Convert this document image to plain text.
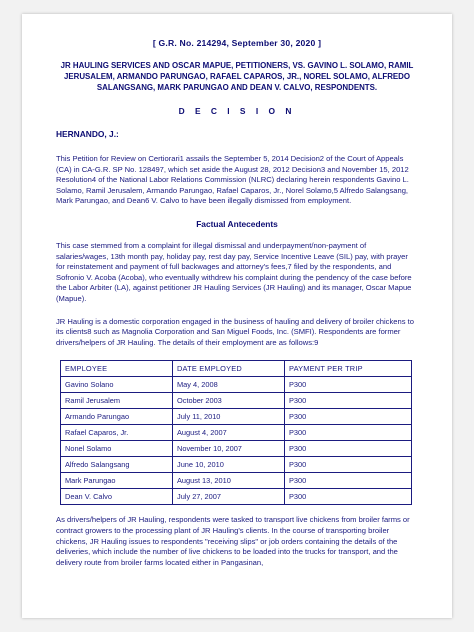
[ G.R. No. 214294, September 30, 2020 ]
JR HAULING SERVICES AND OSCAR MAPUE, PETITIONERS, VS. GAVINO L. SOLAMO, RAMIL JERUSALEM, ARMANDO PARUNGAO, RAFAEL CAPAROS, JR., NOREL SOLAMO, ALFREDO SALANGSANG, MARK PARUNGAO AND DEAN V. CALVO, RESPONDENTS.
D E C I S I O N
HERNANDO, J.:

This Petition for Review on Certiorari1 assails the September 5, 2014 Decision2 of the Court of Appeals (CA) in CA-G.R. SP No. 128497, which set aside the August 28, 2012 Decision3 and November 15, 2012 Resolution4 of the National Labor Relations Commission (NLRC) declaring herein respondents Gavino L. Solamo, Ramil Jerusalem, Armando Parungao, Rafael Caparos, Jr., Norel Solamo,5 Alfredo Salangsang, Mark Parungao, and Dean6 V. Calvo to have been illegally dismissed from employment.

Factual Antecedents

This case stemmed from a complaint for illegal dismissal and underpayment/non-payment of salaries/wages, 13th month pay, holiday pay, rest day pay, Service Incentive Leave (SIL) pay, with prayer for reinstatement and payment of full backwages and attorney's fees,7 filed by the respondents, and Sofronio V. Acoba (Acoba), who eventually withdrew his complaint during the pendency of the case before the Labor Arbiter (LA), against petitioner JR Hauling Services (JR Hauling) and its manager, Oscar Mapue (Mapue).

JR Hauling is a domestic corporation engaged in the business of hauling and delivery of broiler chickens to its clients8 such as Magnolia Corporation and San Miguel Foods, Inc. (SMFI). Respondents are former drivers/helpers of JR Hauling. The details of their employment are as follows:9

EMPLOYEE	DATE EMPLOYED	PAYMENT PER TRIP
Gavino Solano	May 4, 2008	P300
Ramil Jerusalem	October 2003	P300
Armando Parungao	July 11, 2010	P300
Rafael Caparos, Jr.	August 4, 2007	P300
Nonel Solamo	November 10, 2007	P300
Alfredo Salangsang	June 10, 2010	P300
Mark Parungao	August 13, 2010	P300
Dean V. Calvo	July 27, 2007	P300

As drivers/helpers of JR Hauling, respondents were tasked to transport live chickens from broiler farms or contract growers to the processing plant of JR Hauling's clients. In the course of transporting broiler chickens, JR Hauling issues to respondents "receiving slips" or job orders containing the details of the deliveries, which include the number of live chickens to be loaded into the trucks for transport, and the delivery route from broiler farms located either in Pangasinan,
